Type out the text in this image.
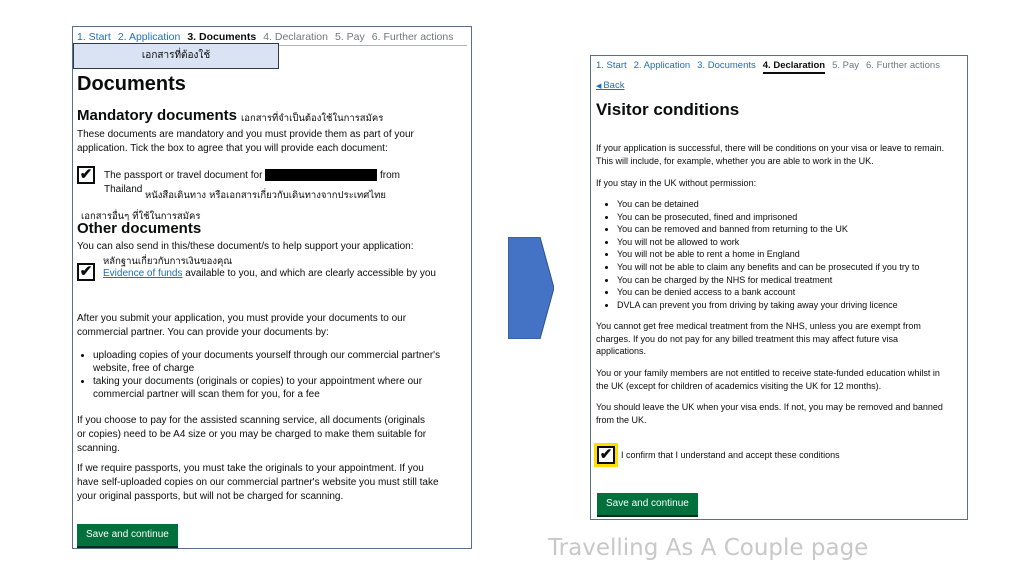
1. Start 2. Application 3. Documents 4. Declaration 5. Pay 6. Further actions
เอกสารที่ต้องใช้
Documents
Mandatory documents เอกสารที่จำเป็นต้องใช้ในการสมัคร

These documents are mandatory and you must provide them as part of your application. Tick the box to agree that you will provide each document:

✔ The passport or travel document for	from
Thailand
หนังสือเดินทาง หรือเอกสารเกี่ยวกับเดินทางจากประเทศไทย
เอกสารอื่นๆ ที่ใช้ในการสมัคร
Other documents

You can also send in this/these document/s to help support your application:

หลักฐานเกี่ยวกับการเงินของคุณ
✔ Evidence of funds available to you, and which are clearly accessible by you

After you submit your application, you must provide your documents to our commercial partner. You can provide your documents by:

• uploading copies of your documents yourself through our commercial partner's website, free of charge
• taking your documents (originals or copies) to your appointment where our commercial partner will scan them for you, for a fee

If you choose to pay for the assisted scanning service, all documents (originals or copies) need to be A4 size or you may be charged to make them suitable for scanning.

If we require passports, you must take the originals to your appointment. If you have self-uploaded copies on our commercial partner's website you must still take your original passports, but will not be charged for scanning.

Save and continue
1. Start 2. Application 3. Documents 4. Declaration 5. Pay 6. Further actions
◀ Back
Visitor conditions

If your application is successful, there will be conditions on your visa or leave to remain. This will include, for example, whether you are able to work in the UK.

If you stay in the UK without permission:

• You can be detained
• You can be prosecuted, fined and imprisoned
• You can be removed and banned from returning to the UK
• You will not be allowed to work
• You will not be able to rent a home in England
• You will not be able to claim any benefits and can be prosecuted if you try to
• You can be charged by the NHS for medical treatment
• You can be denied access to a bank account
• DVLA can prevent you from driving by taking away your driving licence

You cannot get free medical treatment from the NHS, unless you are exempt from charges. If you do not pay for any billed treatment this may affect future visa applications.

You or your family members are not entitled to receive state-funded education whilst in the UK (except for children of academics visiting the UK for 12 months).

You should leave the UK when your visa ends. If not, you may be removed and banned from the UK.

✔ I confirm that I understand and accept these conditions
Save and continue
Travelling As A Couple page
